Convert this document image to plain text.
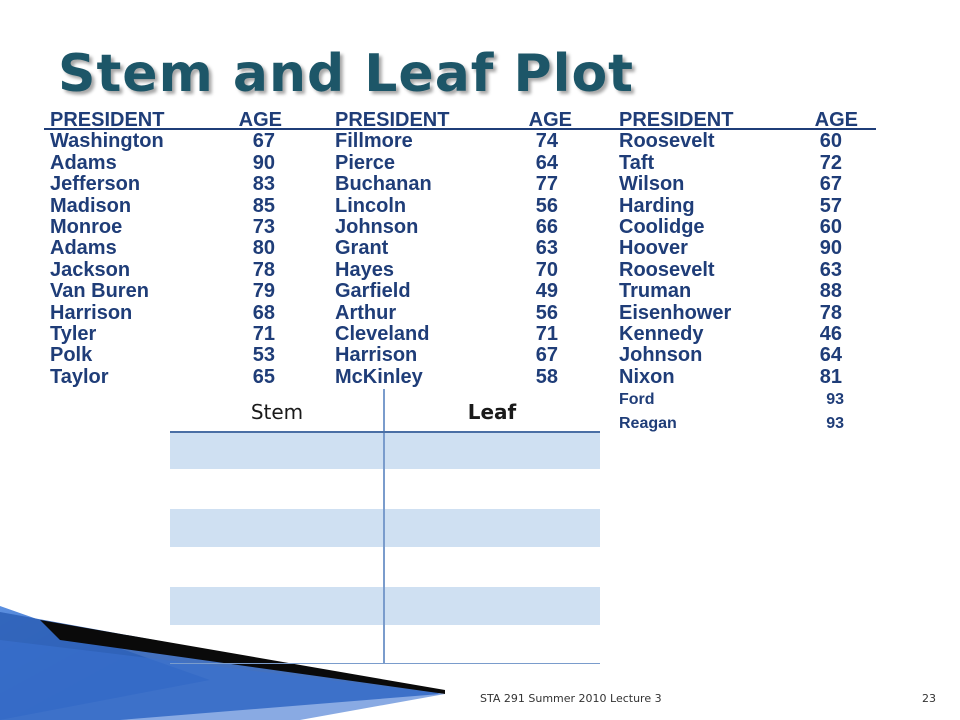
Stem and Leaf Plot
PRESIDENT	AGE
Washington	67
Adams	90
Jefferson	83
Madison	85
Monroe	73
Adams	80
Jackson	78
Van Buren	79
Harrison	68
Tyler	71
Polk	53
Taylor	65
PRESIDENT	AGE
Fillmore	74
Pierce	64
Buchanan	77
Lincoln	56
Johnson	66
Grant	63
Hayes	70
Garfield	49
Arthur	56
Cleveland	71
Harrison	67
McKinley	58
PRESIDENT	AGE
Roosevelt	60
Taft	72
Wilson	67
Harding	57
Coolidge	60
Hoover	90
Roosevelt	63
Truman	88
Eisenhower	78
Kennedy	46
Johnson	64
Nixon	81
Ford	93
Reagan	93
Stem	Leaf
STA 291 Summer 2010 Lecture 3	23
